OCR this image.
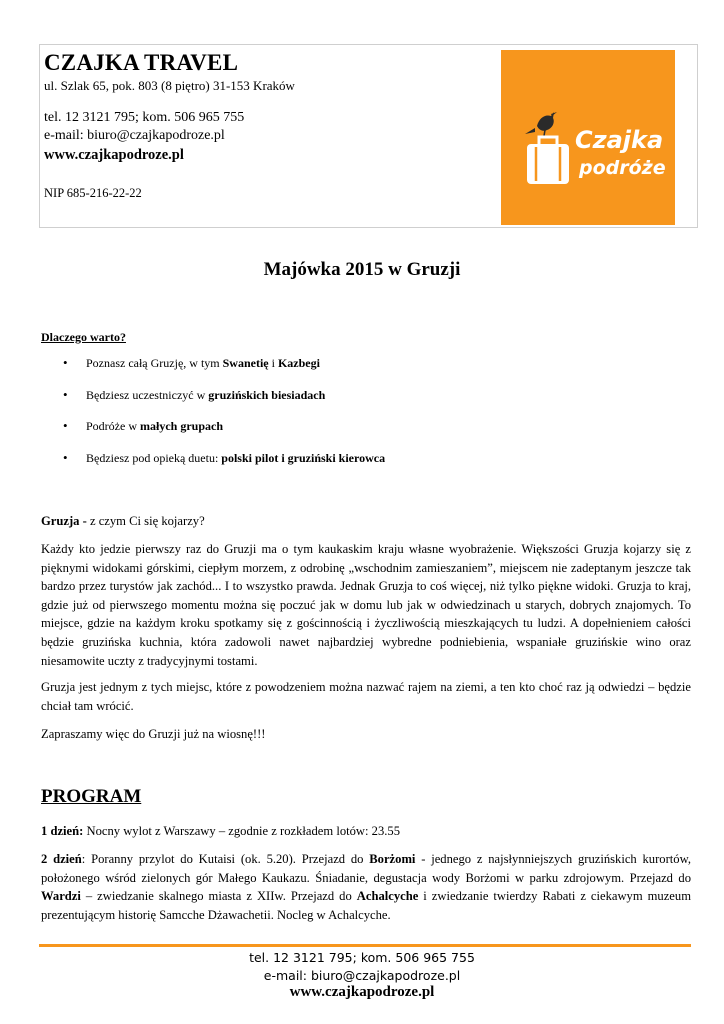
CZAJKA TRAVEL
ul. Szlak 65, pok. 803 (8 piętro) 31-153 Kraków
tel. 12 3121 795; kom. 506 965 755
e-mail: biuro@czajkapodroze.pl
www.czajkapodroze.pl
NIP 685-216-22-22
Czajka
podróże
Majówka 2015 w Gruzji
Dlaczego warto?
• Poznasz całą Gruzję, w tym Swanetię i Kazbegi
• Będziesz uczestniczyć w gruzińskich biesiadach
• Podróże w małych grupach
• Będziesz pod opieką duetu: polski pilot i gruziński kierowca
Gruzja - z czym Ci się kojarzy?
Każdy kto jedzie pierwszy raz do Gruzji ma o tym kaukaskim kraju własne wyobrażenie. Większości Gruzja kojarzy się z pięknymi widokami górskimi, ciepłym morzem, z odrobinę „wschodnim zamieszaniem”, miejscem nie zadeptanym jeszcze tak bardzo przez turystów jak zachód... I to wszystko prawda. Jednak Gruzja to coś więcej, niż tylko piękne widoki. Gruzja to kraj, gdzie już od pierwszego momentu można się poczuć jak w domu lub jak w odwiedzinach u starych, dobrych znajomych. To miejsce, gdzie na każdym kroku spotkamy się z gościnnością i życzliwością mieszkających tu ludzi. A dopełnieniem całości będzie gruzińska kuchnia, która zadowoli nawet najbardziej wybredne podniebienia, wspaniałe gruzińskie wino oraz niesamowite uczty z tradycyjnymi tostami.
Gruzja jest jednym z tych miejsc, które z powodzeniem można nazwać rajem na ziemi, a ten kto choć raz ją odwiedzi – będzie chciał tam wrócić.
Zapraszamy więc do Gruzji już na wiosnę!!!
PROGRAM
1 dzień: Nocny wylot z Warszawy – zgodnie z rozkładem lotów: 23.55
2 dzień: Poranny przylot do Kutaisi (ok. 5.20). Przejazd do Borżomi - jednego z najsłynniejszych gruzińskich kurortów, położonego wśród zielonych gór Małego Kaukazu. Śniadanie, degustacja wody Borżomi w parku zdrojowym. Przejazd do Wardzi – zwiedzanie skalnego miasta z XIIw. Przejazd do Achalcyche i zwiedzanie twierdzy Rabati z ciekawym muzeum prezentującym historię Samcche Dżawachetii. Nocleg w Achalcyche.
tel. 12 3121 795; kom. 506 965 755
e-mail: biuro@czajkapodroze.pl
www.czajkapodroze.pl
